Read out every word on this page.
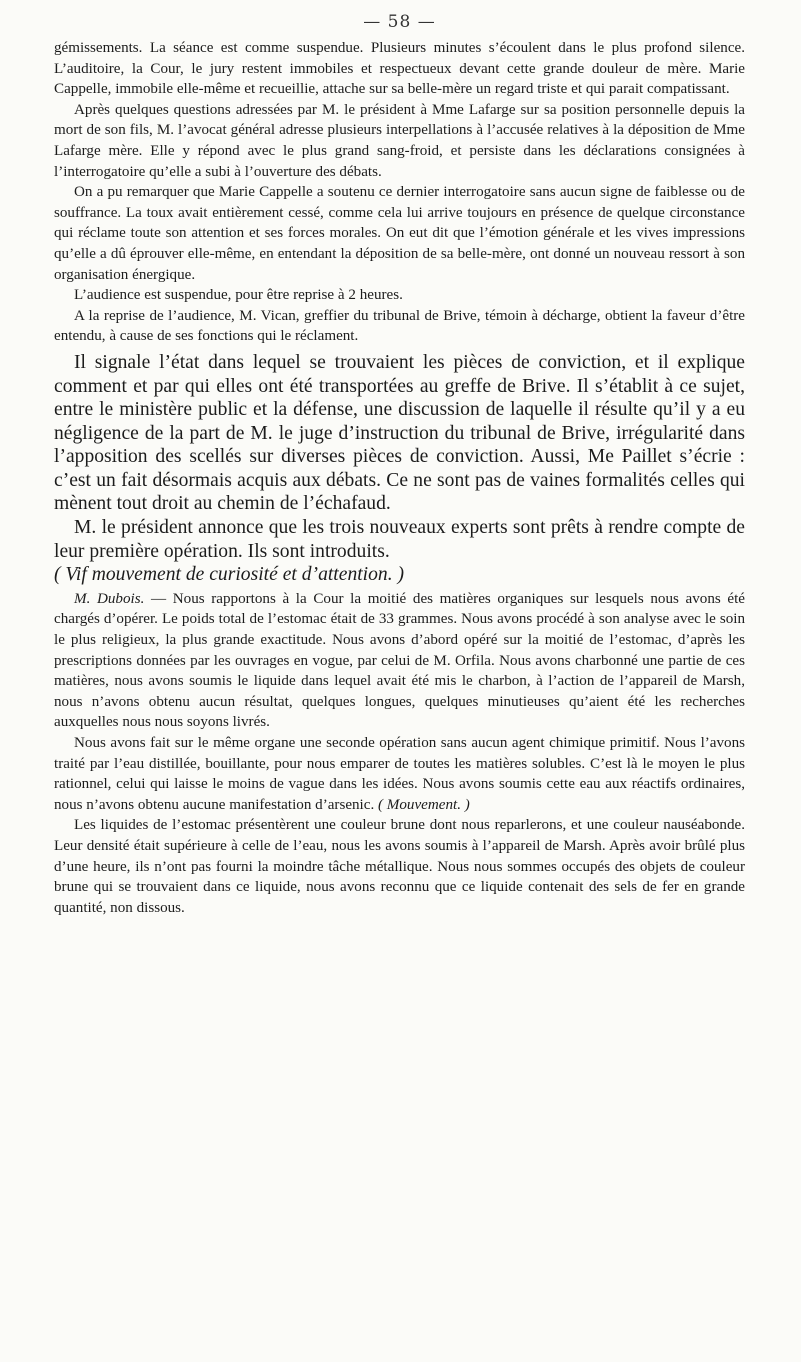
— 58 —

gémissements. La séance est comme suspendue. Plusieurs minutes s’écoulent dans le plus profond silence. L’auditoire, la Cour, le jury restent immobiles et respectueux devant cette grande douleur de mère. Marie Cappelle, immobile elle-même et recueillie, attache sur sa belle-mère un regard triste et qui parait compatissant.

Après quelques questions adressées par M. le président à Mme Lafarge sur sa position personnelle depuis la mort de son fils, M. l’avocat général adresse plusieurs interpellations à l’accusée relatives à la déposition de Mme Lafarge mère. Elle y répond avec le plus grand sang-froid, et persiste dans les déclarations consignées à l’interrogatoire qu’elle a subi à l’ouverture des débats.

On a pu remarquer que Marie Cappelle a soutenu ce dernier interrogatoire sans aucun signe de faiblesse ou de souffrance. La toux avait entièrement cessé, comme cela lui arrive toujours en présence de quelque circonstance qui réclame toute son attention et ses forces morales. On eut dit que l’émotion générale et les vives impressions qu’elle a dû éprouver elle-même, en entendant la déposition de sa belle-mère, ont donné un nouveau ressort à son organisation énergique.

L’audience est suspendue, pour être reprise à 2 heures.

A la reprise de l’audience, M. Vican, greffier du tribunal de Brive, témoin à décharge, obtient la faveur d’être entendu, à cause de ses fonctions qui le réclament.

Il signale l’état dans lequel se trouvaient les pièces de conviction, et il explique comment et par qui elles ont été transportées au greffe de Brive. Il s’établit à ce sujet, entre le ministère public et la défense, une discussion de laquelle il résulte qu’il y a eu négligence de la part de M. le juge d’instruction du tribunal de Brive, irrégularité dans l’apposition des scellés sur diverses pièces de conviction. Aussi, Me Paillet s’écrie : c’est un fait désormais acquis aux débats. Ce ne sont pas de vaines formalités celles qui mènent tout droit au chemin de l’échafaud.

M. le président annonce que les trois nouveaux experts sont prêts à rendre compte de leur première opération. Ils sont introduits.
( Vif mouvement de curiosité et d’attention. )

M. Dubois. — Nous rapportons à la Cour la moitié des matières organiques sur lesquels nous avons été chargés d’opérer. Le poids total de l’estomac était de 33 grammes. Nous avons procédé à son analyse avec le soin le plus religieux, la plus grande exactitude. Nous avons d’abord opéré sur la moitié de l’estomac, d’après les prescriptions données par les ouvrages en vogue, par celui de M. Orfila. Nous avons charbonné une partie de ces matières, nous avons soumis le liquide dans lequel avait été mis le charbon, à l’action de l’appareil de Marsh, nous n’avons obtenu aucun résultat, quelques longues, quelques minutieuses qu’aient été les recherches auxquelles nous nous soyons livrés.

Nous avons fait sur le même organe une seconde opération sans aucun agent chimique primitif. Nous l’avons traité par l’eau distillée, bouillante, pour nous emparer de toutes les matières solubles. C’est là le moyen le plus rationnel, celui qui laisse le moins de vague dans les idées. Nous avons soumis cette eau aux réactifs ordinaires, nous n’avons obtenu aucune manifestation d’arsenic. ( Mouvement. )

Les liquides de l’estomac présentèrent une couleur brune dont nous reparlerons, et une couleur nauséabonde. Leur densité était supérieure à celle de l’eau, nous les avons soumis à l’appareil de Marsh. Après avoir brûlé plus d’une heure, ils n’ont pas fourni la moindre tâche métallique. Nous nous sommes occupés des objets de couleur brune qui se trouvaient dans ce liquide, nous avons reconnu que ce liquide contenait des sels de fer en grande quantité, non dissous.
